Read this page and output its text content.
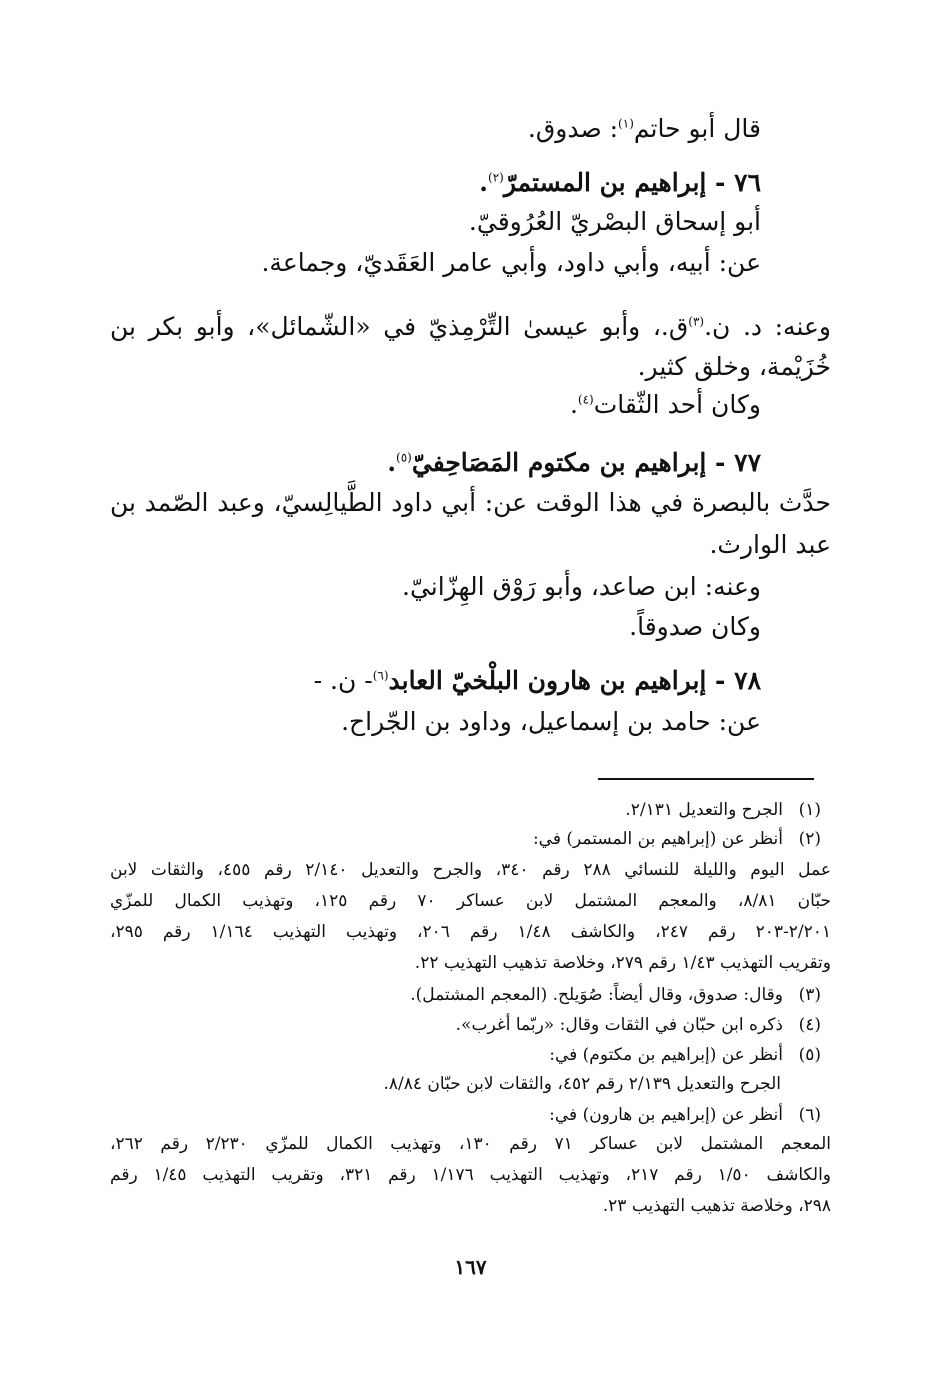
قال أبو حاتم$^{(١)}$: صدوق.
٧٦ - إبراهيم بن المستمرّ$^{(٢)}$.
أبو إسحاق البصْريّ العُرُوقيّ.
عن: أبيه، وأبي داود، وأبي عامر العَقَديّ، وجماعة.
وعنه: د. ن.$^{(٣)}$ق.، وأبو عيسىٰ التِّرْمِذيّ في «الشّمائل»، وأبو بكر بن
خُزَيْمة، وخلق كثير.
وكان أحد الثّقات$^{(٤)}$.
٧٧ - إبراهيم بن مكتوم المَصَاحِفيّ$^{(٥)}$.
حدَّث بالبصرة في هذا الوقت عن: أبي داود الطَّيالِسيّ، وعبد الصّمد بن
عبد الوارث.
وعنه: ابن صاعد، وأبو رَوْق الهِزّانيّ.
وكان صدوقاً.
٧٨ - إبراهيم بن هارون البلْخيّ العابد$^{(٦)}$- ن. -
عن: حامد بن إسماعيل، وداود بن الجّراح.
(١)الجرح والتعديل ٢/١٣١.
(٢)أنظر عن (إبراهيم بن المستمر) في:
عمل اليوم والليلة للنسائي ٢٨٨ رقم ٣٤٠، والجرح والتعديل ٢/١٤٠ رقم ٤٥٥، والثقات لابن
حبّان ٨/٨١، والمعجم المشتمل لابن عساكر ٧٠ رقم ١٢٥، وتهذيب الكمال للمزّي
٢/٢٠١-٢٠٣ رقم ٢٤٧، والكاشف ١/٤٨ رقم ٢٠٦، وتهذيب التهذيب ١/١٦٤ رقم ٢٩٥،
وتقريب التهذيب ١/٤٣ رقم ٢٧٩، وخلاصة تذهيب التهذيب ٢٢.
(٣)وقال: صدوق، وقال أيضاً: صُوَيلح. (المعجم المشتمل).
(٤)ذكره ابن حبّان في الثقات وقال: «ربّما أغرب».
(٥)أنظر عن (إبراهيم بن مكتوم) في:
الجرح والتعديل ٢/١٣٩ رقم ٤٥٢، والثقات لابن حبّان ٨/٨٤.
(٦)أنظر عن (إبراهيم بن هارون) في:
المعجم المشتمل لابن عساكر ٧١ رقم ١٣٠، وتهذيب الكمال للمزّي ٢/٢٣٠ رقم ٢٦٢،
والكاشف ١/٥٠ رقم ٢١٧، وتهذيب التهذيب ١/١٧٦ رقم ٣٢١، وتقريب التهذيب ١/٤٥ رقم
٢٩٨، وخلاصة تذهيب التهذيب ٢٣.
١٦٧
